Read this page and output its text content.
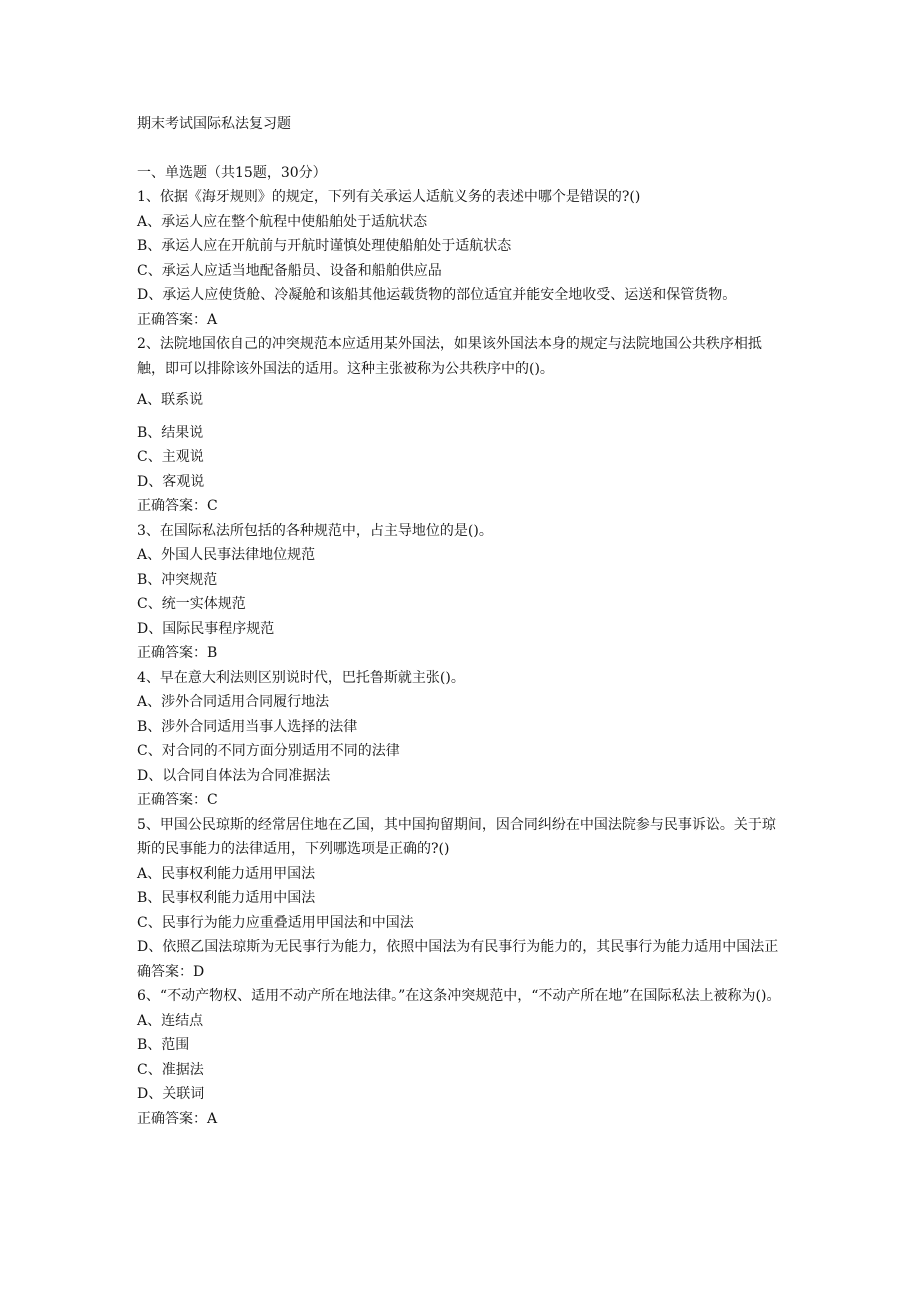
期末考试国际私法复习题
一、单选题（共15题，30分）
1、依据《海牙规则》的规定，下列有关承运人适航义务的表述中哪个是错误的?()
A、承运人应在整个航程中使船舶处于适航状态
B、承运人应在开航前与开航时谨慎处理使船舶处于适航状态
C、承运人应适当地配备船员、设备和船舶供应品
D、承运人应使货舱、冷凝舱和该船其他运载货物的部位适宜并能安全地收受、运送和保管货物。
正确答案：A
2、法院地国依自己的冲突规范本应适用某外国法，如果该外国法本身的规定与法院地国公共秩序相抵触，即可以排除该外国法的适用。这种主张被称为公共秩序中的()。
A、联系说
B、结果说
C、主观说
D、客观说
正确答案：C
3、在国际私法所包括的各种规范中，占主导地位的是()。
A、外国人民事法律地位规范
B、冲突规范
C、统一实体规范
D、国际民事程序规范
正确答案：B
4、早在意大利法则区别说时代，巴托鲁斯就主张()。
A、涉外合同适用合同履行地法
B、涉外合同适用当事人选择的法律
C、对合同的不同方面分别适用不同的法律
D、以合同自体法为合同准据法
正确答案：C
5、甲国公民琼斯的经常居住地在乙国，其中国拘留期间，因合同纠纷在中国法院参与民事诉讼。关于琼斯的民事能力的法律适用，下列哪选项是正确的?()
A、民事权利能力适用甲国法
B、民事权利能力适用中国法
C、民事行为能力应重叠适用甲国法和中国法
D、依照乙国法琼斯为无民事行为能力，依照中国法为有民事行为能力的，其民事行为能力适用中国法正确答案：D
6、“不动产物权、适用不动产所在地法律。”在这条冲突规范中，“不动产所在地”在国际私法上被称为()。
A、连结点
B、范围
C、准据法
D、关联词
正确答案：A
